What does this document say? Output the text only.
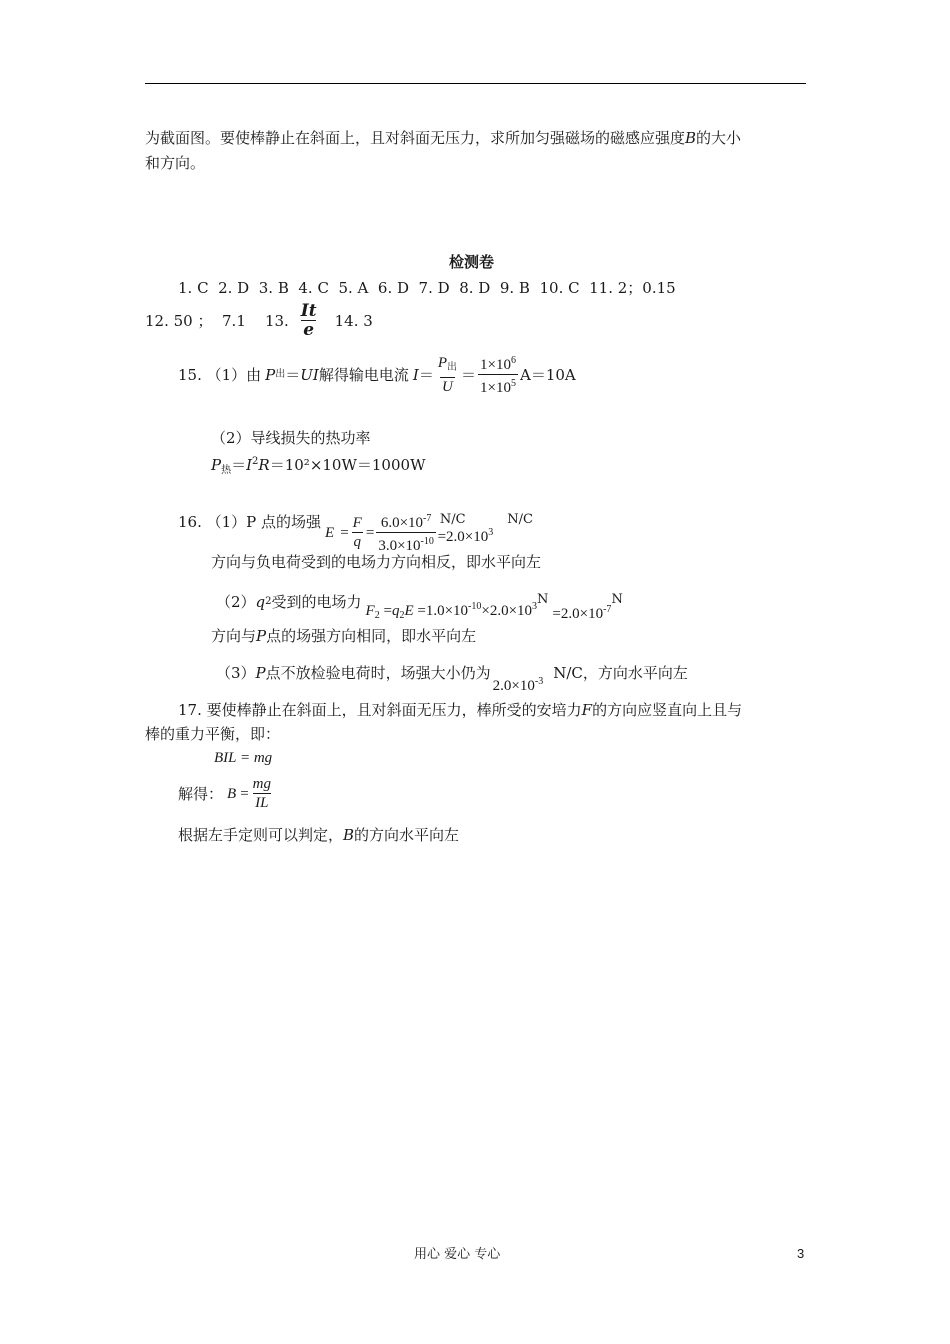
为截面图。要使棒静止在斜面上，且对斜面无压力，求所加匀强磁场的磁感应强度B的大小
和方向。
检测卷
1. C  2. D  3. B  4. C  5. A  6. D  7. D  8. D  9. B  10. C  11. 2；0.15
12. 50 ；  7.1    13. $\frac{It}{e} 14$. 3
15. （1）由 P 出 ＝ UI 解得输电电流 $I = \frac{P_出}{U} = \frac{1\times 10^6}{1\times 10^5} A=10A$
（2）导线损失的热功率
$P_热=I^2R=10^2\times 10W=1000W$
16. （1）P 点的场强
$E = \frac{F}{q} = \frac{6.0\times 10^{-7}}{3.0\times 10^{-10}} N/C$
$=2.0\times 10^3$
N/C
方向与负电荷受到的电场力方向相反，即水平向左
（2） q 2 受到的电场力
$F_2 =q_2E =1.0\times 10^{-10}\times 2.0\times 10^3$ N
$=2.0\times 10^{-7}$
N
方向与P点的场强方向相同，即水平向左
（3） P 点不放检验电荷时，场强大小仍为
$2.0\times 10^{-3}$ N/C，方向水平向左
17. 要使棒静止在斜面上，且对斜面无压力，棒所受的安培力F的方向应竖直向上且与
棒的重力平衡，即：
BIL = mg
解得： $B = \frac{mg}{IL}$
根据左手定则可以判定，B的方向水平向左
用心 爱心 专心	3
